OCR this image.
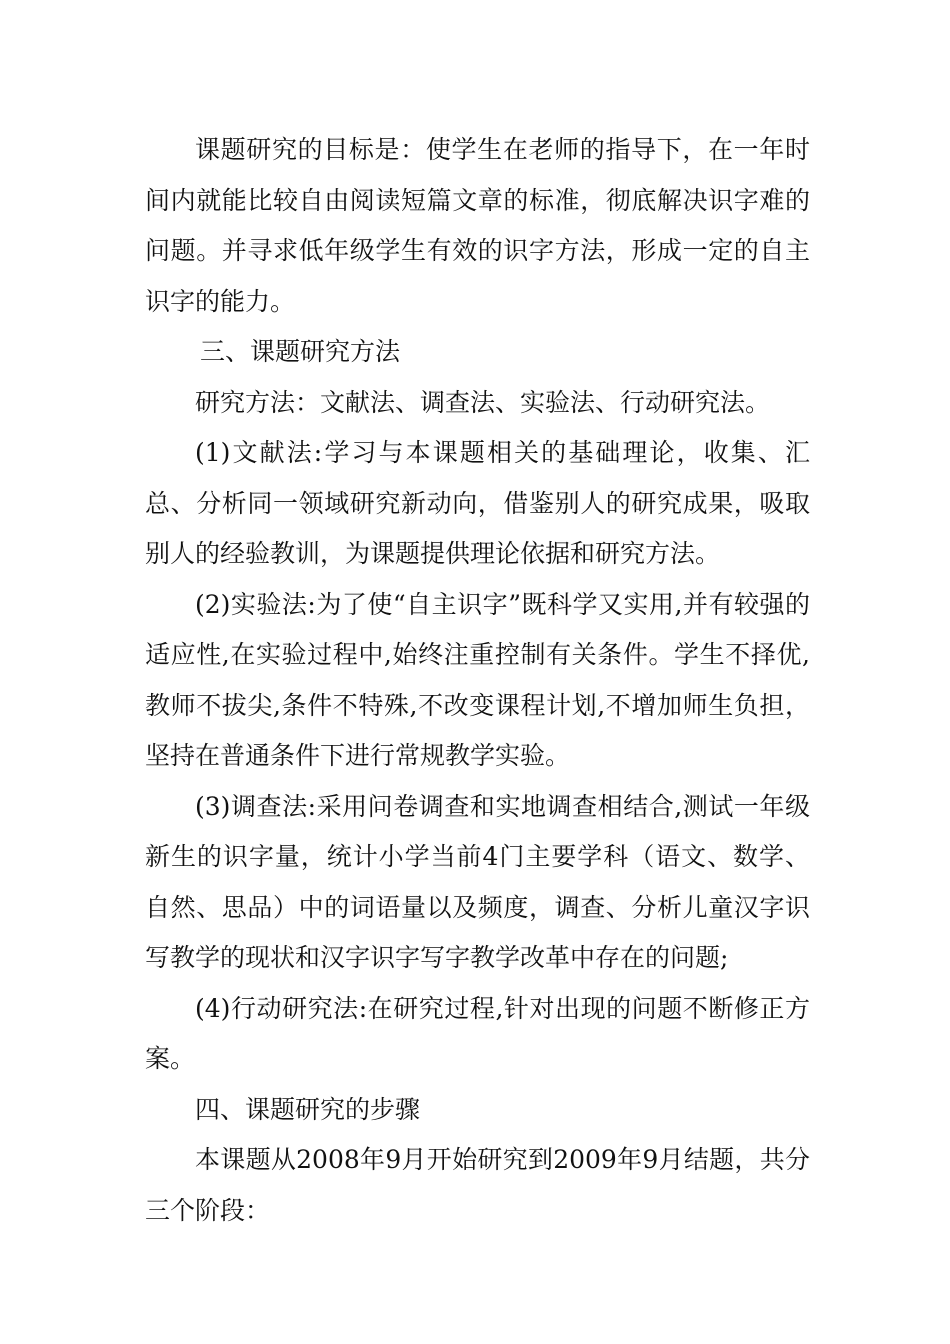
课题研究的目标是：使学生在老师的指导下，在一年时间内就能比较自由阅读短篇文章的标准，彻底解决识字难的问题。并寻求低年级学生有效的识字方法，形成一定的自主识字的能力。

三、课题研究方法

研究方法：文献法、调查法、实验法、行动研究法。

(1)文献法:学习与本课题相关的基础理论，收集、汇总、分析同一领域研究新动向，借鉴别人的研究成果，吸取别人的经验教训，为课题提供理论依据和研究方法。

(2)实验法:为了使“自主识字”既科学又实用,并有较强的适应性,在实验过程中,始终注重控制有关条件。学生不择优,教师不拔尖,条件不特殊,不改变课程计划,不增加师生负担，坚持在普通条件下进行常规教学实验。

(3)调查法:采用问卷调查和实地调查相结合,测试一年级新生的识字量，统计小学当前4门主要学科（语文、数学、自然、思品）中的词语量以及频度，调查、分析儿童汉字识写教学的现状和汉字识字写字教学改革中存在的问题;

(4)行动研究法:在研究过程,针对出现的问题不断修正方案。

四、课题研究的步骤

本课题从2008年9月开始研究到2009年9月结题，共分三个阶段：
